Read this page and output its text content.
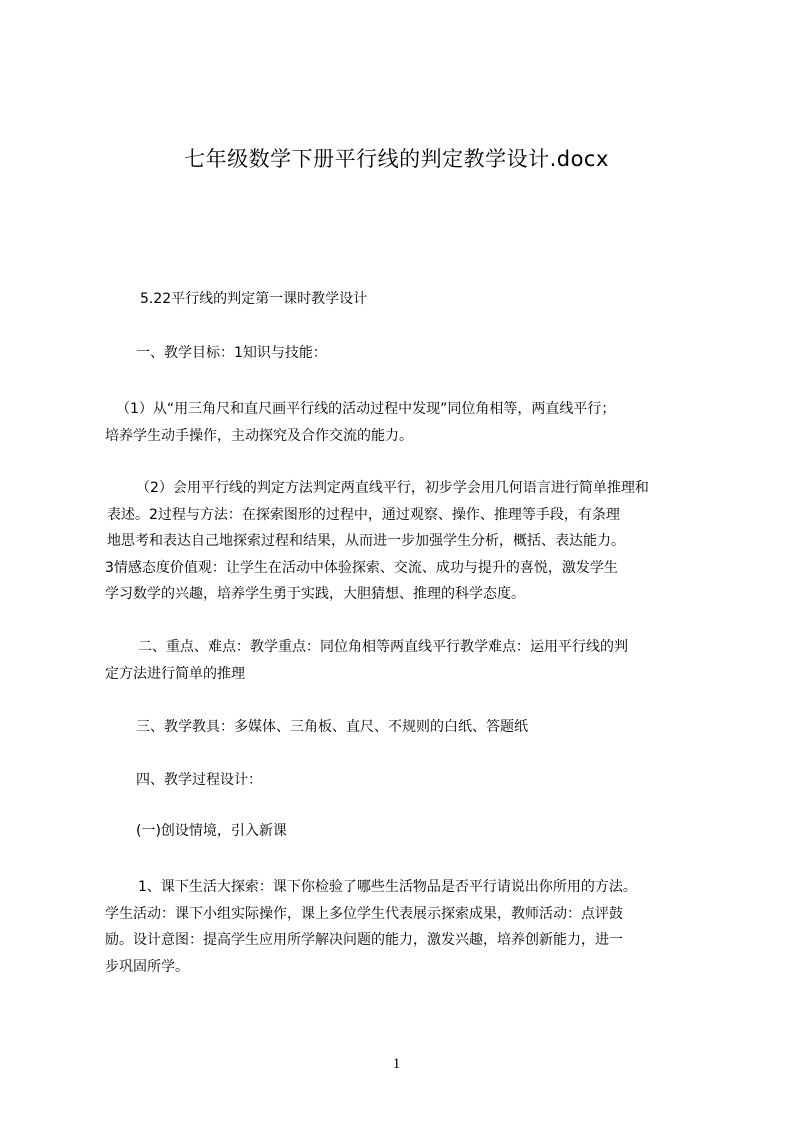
七年级数学下册平行线的判定教学设计.docx
5.22平行线的判定第一课时教学设计
一、教学目标：1知识与技能：
（1）从“用三角尺和直尺画平行线的活动过程中发现”同位角相等，两直线平行；
培养学生动手操作，主动探究及合作交流的能力。
（2）会用平行线的判定方法判定两直线平行，初步学会用几何语言进行简单推理和
表述。2过程与方法：在探索图形的过程中，通过观察、操作、推理等手段，有条理
地思考和表达自己地探索过程和结果，从而进一步加强学生分析，概括、表达能力。
3情感态度价值观：让学生在活动中体验探索、交流、成功与提升的喜悦，激发学生
学习数学的兴趣，培养学生勇于实践，大胆猜想、推理的科学态度。
二、重点、难点：教学重点：同位角相等两直线平行教学难点：运用平行线的判
定方法进行简单的推理
三、教学教具：多媒体、三角板、直尺、不规则的白纸、答题纸
四、教学过程设计：
(一)创设情境，引入新课
1、课下生活大探索：课下你检验了哪些生活物品是否平行请说出你所用的方法。
学生活动：课下小组实际操作，课上多位学生代表展示探索成果，教师活动：点评鼓
励。设计意图：提高学生应用所学解决问题的能力，激发兴趣，培养创新能力，进一
步巩固所学。
1
